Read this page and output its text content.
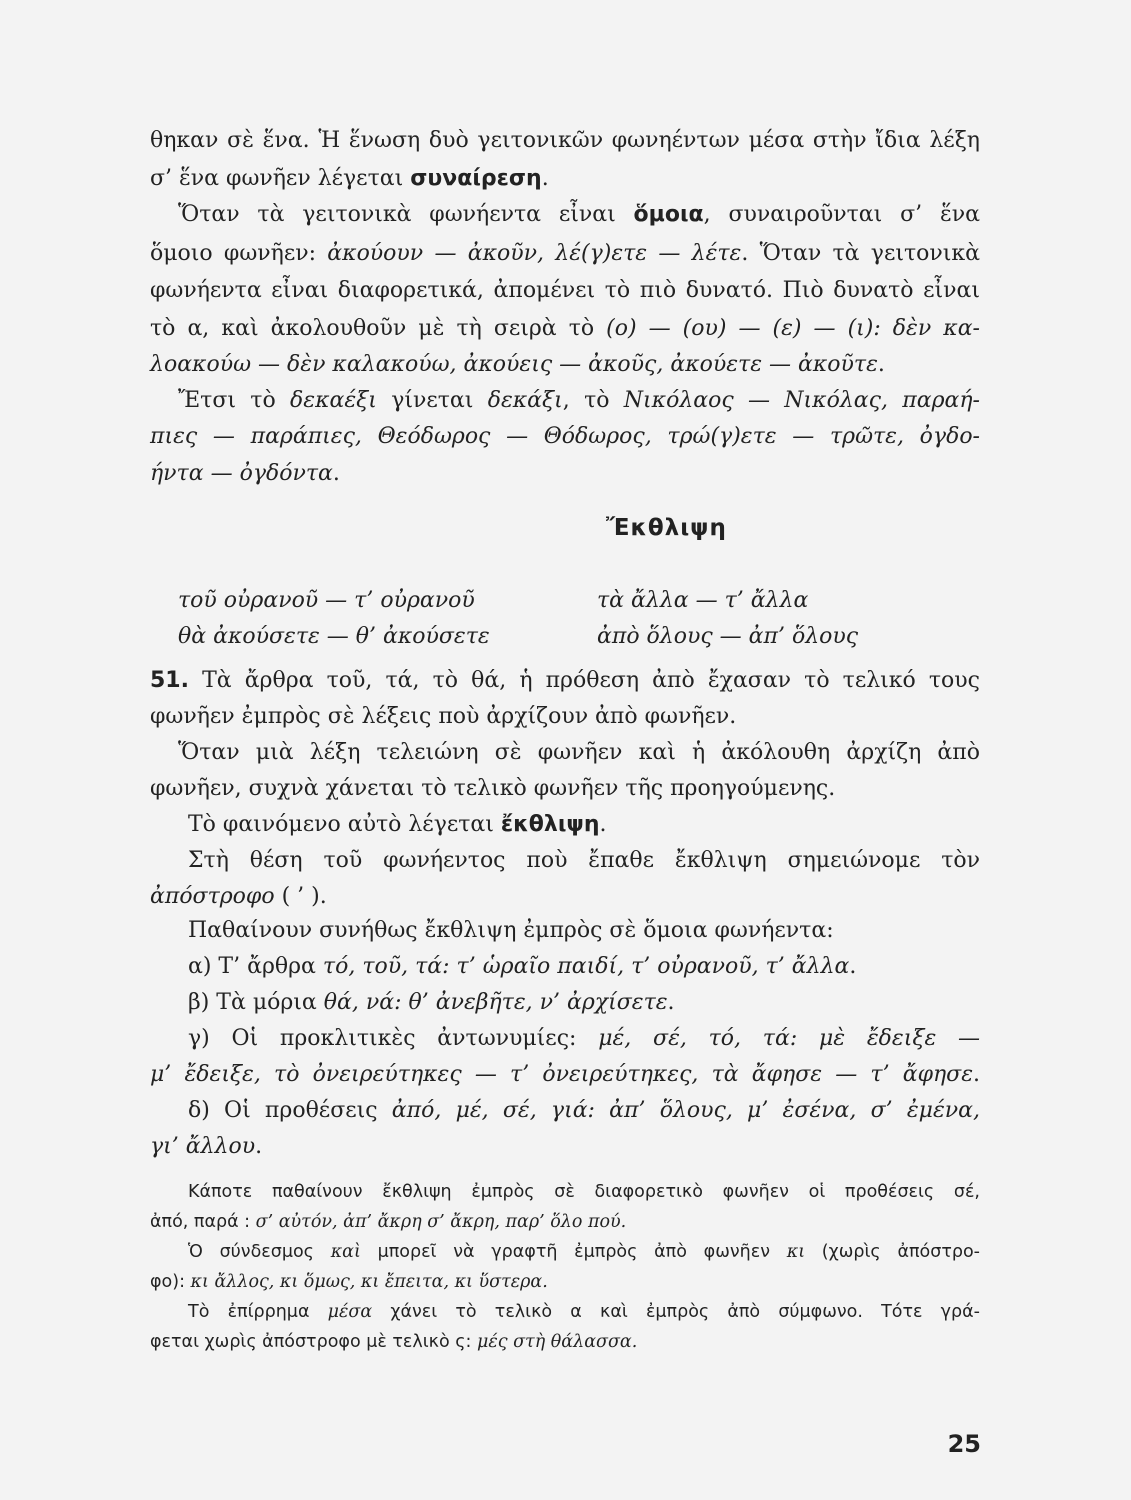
θηκαν σὲ ἕνα. Ἡ ἕνωση δυὸ γειτονικῶν φωνηέντων μέσα στὴν ἴδια λέξη
σ’ ἕνα φωνῆεν λέγεται συναίρεση.
Ὅταν τὰ γειτονικὰ φωνήεντα εἶναι ὅμοια, συναιροῦνται σ’ ἕνα
ὅμοιο φωνῆεν: ἀκούουν — ἀκοῦν, λέ(γ)ετε — λέτε. Ὅταν τὰ γειτονικὰ
φωνήεντα εἶναι διαφορετικά, ἀπομένει τὸ πιὸ δυνατό. Πιὸ δυνατὸ εἶναι
τὸ α, καὶ ἀκολουθοῦν μὲ τὴ σειρὰ τὸ (ο) — (ου) — (ε) — (ι): δὲν κα-
λοακούω — δὲν καλακούω, ἀκούεις — ἀκοῦς, ἀκούετε — ἀκοῦτε.
Ἔτσι τὸ δεκαέξι γίνεται δεκάξι, τὸ Νικόλαος — Νικόλας, παραή-
πιες — παράπιες, Θεόδωρος — Θόδωρος, τρώ(γ)ετε — τρῶτε, ὀγδο-
ήντα — ὀγδόντα.
Ἔκθλιψη
τοῦ οὐρανοῦ — τ’ οὐρανοῦ	τὰ ἄλλα — τ’ ἄλλα
θὰ ἀκούσετε — θ’ ἀκούσετε	ἀπὸ ὅλους — ἀπ’ ὅλους
51. Τὰ ἄρθρα τοῦ, τά, τὸ θά, ἡ πρόθεση ἀπὸ ἔχασαν τὸ τελικό τους
φωνῆεν ἐμπρὸς σὲ λέξεις ποὺ ἀρχίζουν ἀπὸ φωνῆεν.
Ὅταν μιὰ λέξη τελειώνη σὲ φωνῆεν καὶ ἡ ἀκόλουθη ἀρχίζη ἀπὸ
φωνῆεν, συχνὰ χάνεται τὸ τελικὸ φωνῆεν τῆς προηγούμενης.
Τὸ φαινόμενο αὐτὸ λέγεται ἔκθλιψη.
Στὴ θέση τοῦ φωνήεντος ποὺ ἔπαθε ἔκθλιψη σημειώνομε τὸν
ἀπόστροφο ( ’ ).
Παθαίνουν συνήθως ἔκθλιψη ἐμπρὸς σὲ ὅμοια φωνήεντα:
α) Τ’ ἄρθρα τό, τοῦ, τά: τ’ ὡραῖο παιδί, τ’ οὐρανοῦ, τ’ ἄλλα.
β) Τὰ μόρια θά, νά: θ’ ἀνεβῆτε, ν’ ἀρχίσετε.
γ) Οἱ προκλιτικὲς ἀντωνυμίες: μέ, σέ, τό, τά: μὲ ἔδειξε —
μ’ ἔδειξε, τὸ ὀνειρεύτηκες — τ’ ὀνειρεύτηκες, τὰ ἄφησε — τ’ ἄφησε.
δ) Οἱ προθέσεις ἀπό, μέ, σέ, γιά: ἀπ’ ὅλους, μ’ ἐσένα, σ’ ἐμένα,
γι’ ἄλλου.
Κάποτε παθαίνουν ἔκθλιψη ἐμπρὸς σὲ διαφορετικὸ φωνῆεν οἱ προθέσεις σέ,
ἀπό, παρά : σ’ αὐτόν, ἀπ’ ἄκρη σ’ ἄκρη, παρ’ ὅλο πού.
Ὁ σύνδεσμος καὶ μπορεῖ νὰ γραφτῆ ἐμπρὸς ἀπὸ φωνῆεν κι (χωρὶς ἀπόστρο-
φο): κι ἄλλος, κι ὅμως, κι ἔπειτα, κι ὕστερα.
Τὸ ἐπίρρημα μέσα χάνει τὸ τελικὸ α καὶ ἐμπρὸς ἀπὸ σύμφωνο. Τότε γρά-
φεται χωρὶς ἀπόστροφο μὲ τελικὸ ς: μές στὴ θάλασσα.
25
